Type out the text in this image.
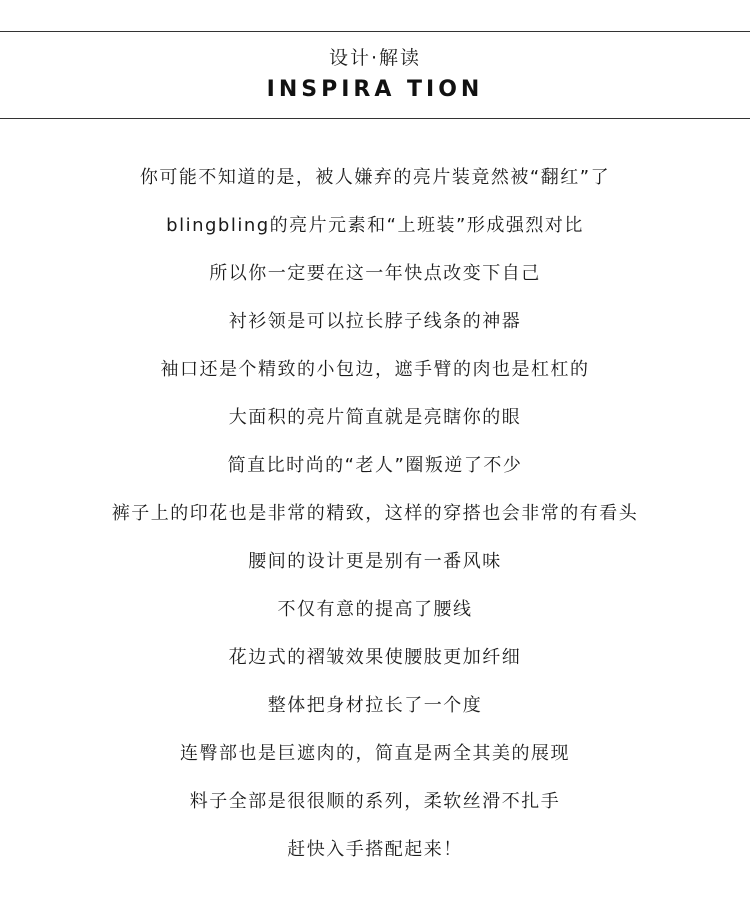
设计·解读
INSPIRA TION
你可能不知道的是，被人嫌弃的亮片装竟然被“翻红”了
blingbling的亮片元素和“上班装”形成强烈对比
所以你一定要在这一年快点改变下自己
衬衫领是可以拉长脖子线条的神器
袖口还是个精致的小包边，遮手臂的肉也是杠杠的
大面积的亮片简直就是亮瞎你的眼
简直比时尚的“老人”圈叛逆了不少
裤子上的印花也是非常的精致，这样的穿搭也会非常的有看头
腰间的设计更是别有一番风味
不仅有意的提高了腰线
花边式的褶皱效果使腰肢更加纤细
整体把身材拉长了一个度
连臀部也是巨遮肉的，简直是两全其美的展现
料子全部是很很顺的系列，柔软丝滑不扎手
赶快入手搭配起来！
